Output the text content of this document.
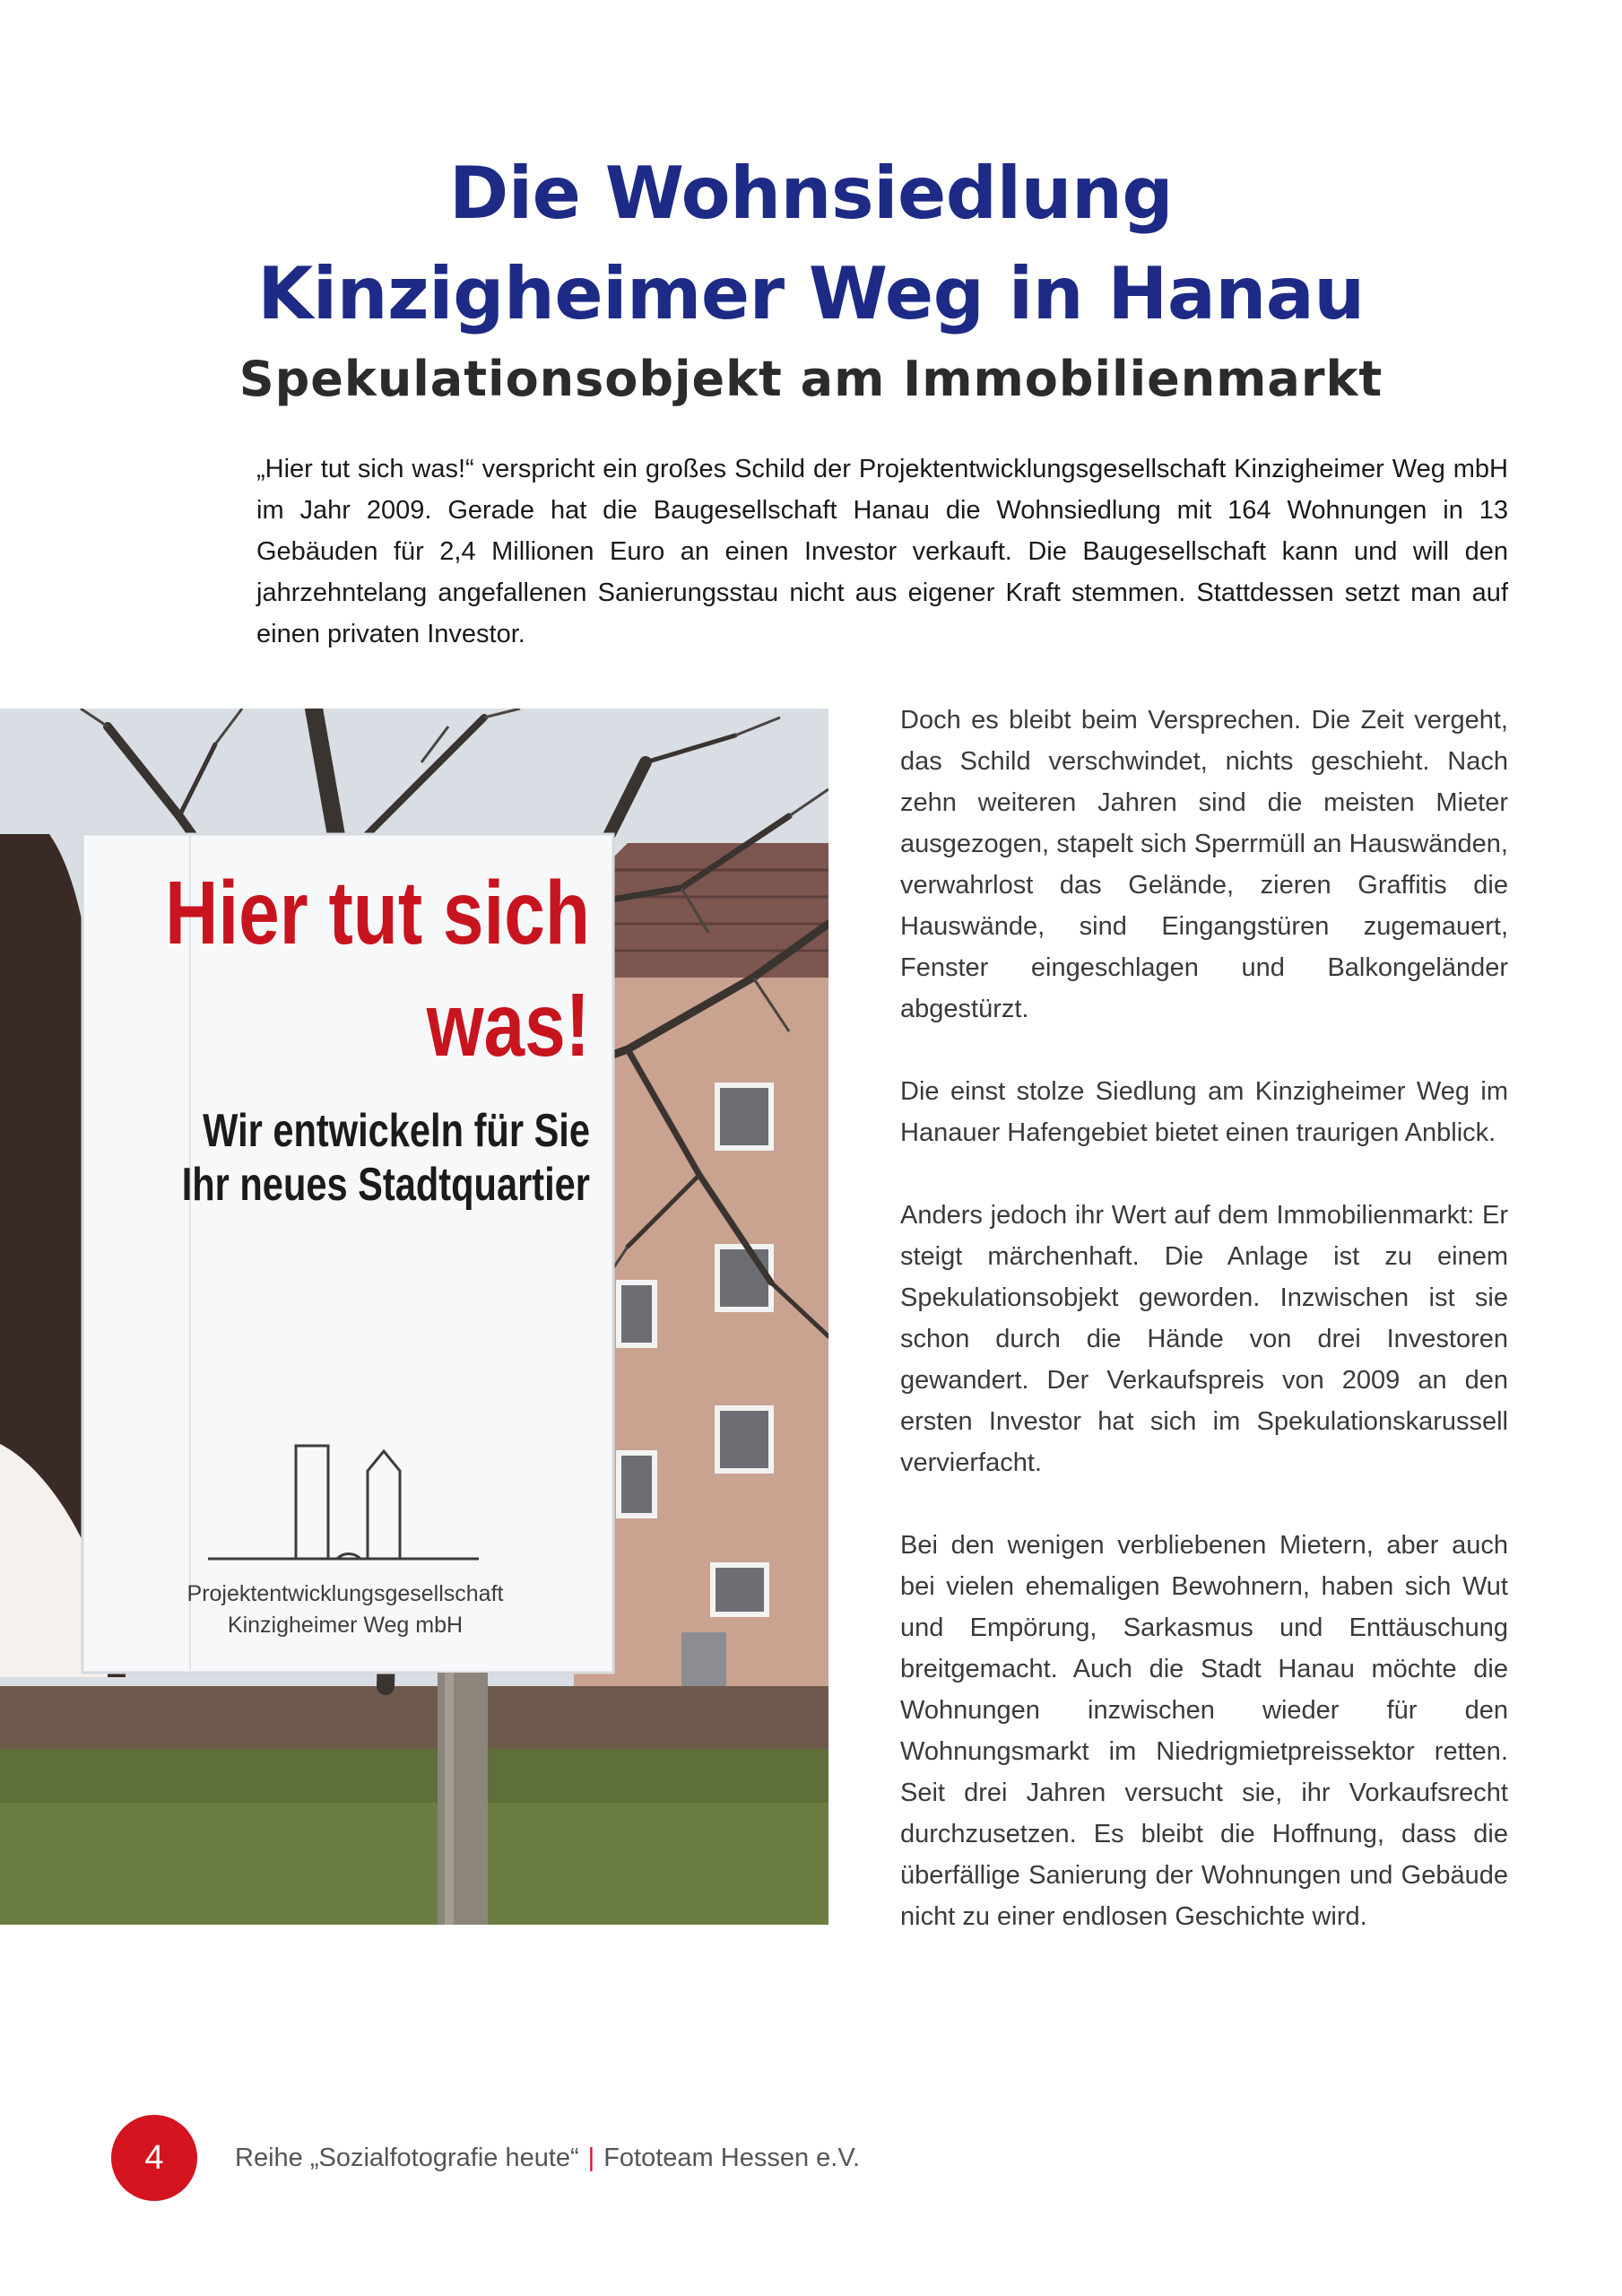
Die Wohnsiedlung
Kinzigheimer Weg in Hanau
Spekulationsobjekt am Immobilienmarkt
„Hier tut sich was!“ verspricht ein großes Schild der Projektentwicklungsgesellschaft Kinzigheimer Weg mbH im Jahr 2009. Gerade hat die Baugesellschaft Hanau die Wohnsiedlung mit 164 Wohnungen in 13 Gebäuden für 2,4 Millionen Euro an einen Investor verkauft. Die Baugesellschaft kann und will den jahrzehntelang angefallenen Sanierungsstau nicht aus eigener Kraft stemmen. Stattdessen setzt man auf einen privaten Investor.
Hier tut sich
was!
Wir entwickeln für Sie
Ihr neues Stadtquartier
Projektentwicklungsgesellschaft
Kinzigheimer Weg mbH

Doch es bleibt beim Versprechen. Die Zeit vergeht, das Schild verschwindet, nichts geschieht. Nach zehn weiteren Jahren sind die meisten Mieter ausgezogen, stapelt sich Sperrmüll an Hauswänden, verwahrlost das Gelände, zieren Graffitis die Hauswände, sind Eingangstüren zugemauert, Fenster eingeschlagen und Balkongeländer abgestürzt.

Die einst stolze Siedlung am Kinzigheimer Weg im Hanauer Hafengebiet bietet einen traurigen Anblick.

Anders jedoch ihr Wert auf dem Immobilienmarkt: Er steigt märchenhaft. Die Anlage ist zu einem Spekulationsobjekt geworden. Inzwischen ist sie schon durch die Hände von drei Investoren gewandert. Der Verkaufspreis von 2009 an den ersten Investor hat sich im Spekulationskarussell vervierfacht.

Bei den wenigen verbliebenen Mietern, aber auch bei vielen ehemaligen Bewohnern, haben sich Wut und Empörung, Sarkasmus und Enttäuschung breitgemacht. Auch die Stadt Hanau möchte die Wohnungen inzwischen wieder für den Wohnungsmarkt im Niedrigmietpreissektor retten. Seit drei Jahren versucht sie, ihr Vorkaufsrecht durchzusetzen. Es bleibt die Hoffnung, dass die überfällige Sanierung der Wohnungen und Gebäude nicht zu einer endlosen Geschichte wird.

4	Reihe „Sozialfotografie heute“ | Fototeam Hessen e.V.
